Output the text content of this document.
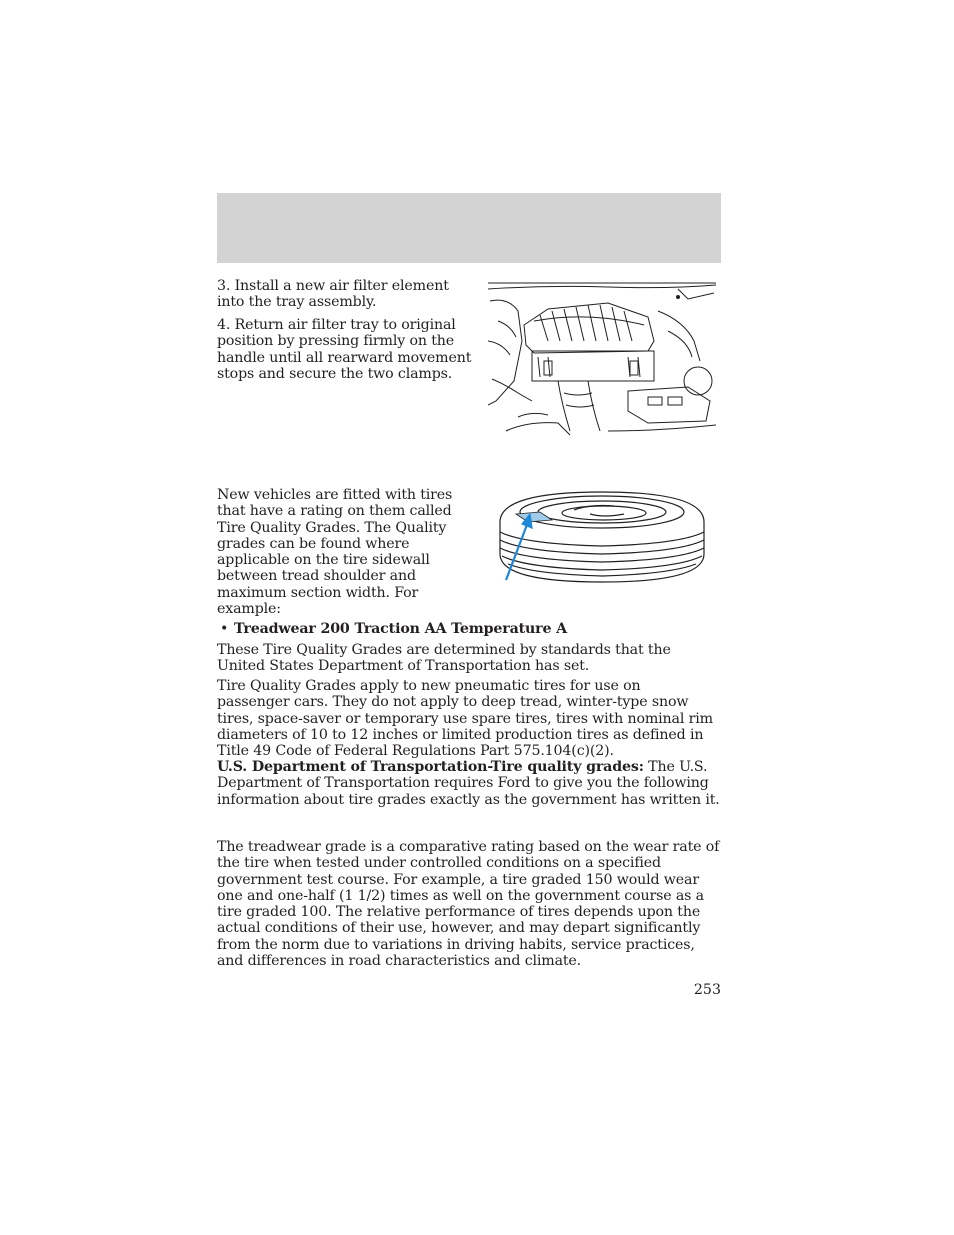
3. Install a new air filter element into the tray assembly.

4. Return air filter tray to original position by pressing firmly on the handle until all rearward movement stops and secure the two clamps.

New vehicles are fitted with tires that have a rating on them called Tire Quality Grades. The Quality grades can be found where applicable on the tire sidewall between tread shoulder and maximum section width. For example:

• Treadwear 200 Traction AA Temperature A

These Tire Quality Grades are determined by standards that the United States Department of Transportation has set.

Tire Quality Grades apply to new pneumatic tires for use on passenger cars. They do not apply to deep tread, winter-type snow tires, space-saver or temporary use spare tires, tires with nominal rim diameters of 10 to 12 inches or limited production tires as defined in Title 49 Code of Federal Regulations Part 575.104(c)(2).

U.S. Department of Transportation-Tire quality grades: The U.S. Department of Transportation requires Ford to give you the following information about tire grades exactly as the government has written it.

The treadwear grade is a comparative rating based on the wear rate of the tire when tested under controlled conditions on a specified government test course. For example, a tire graded 150 would wear one and one-half (1 1/2) times as well on the government course as a tire graded 100. The relative performance of tires depends upon the actual conditions of their use, however, and may depart significantly from the norm due to variations in driving habits, service practices, and differences in road characteristics and climate.

253
